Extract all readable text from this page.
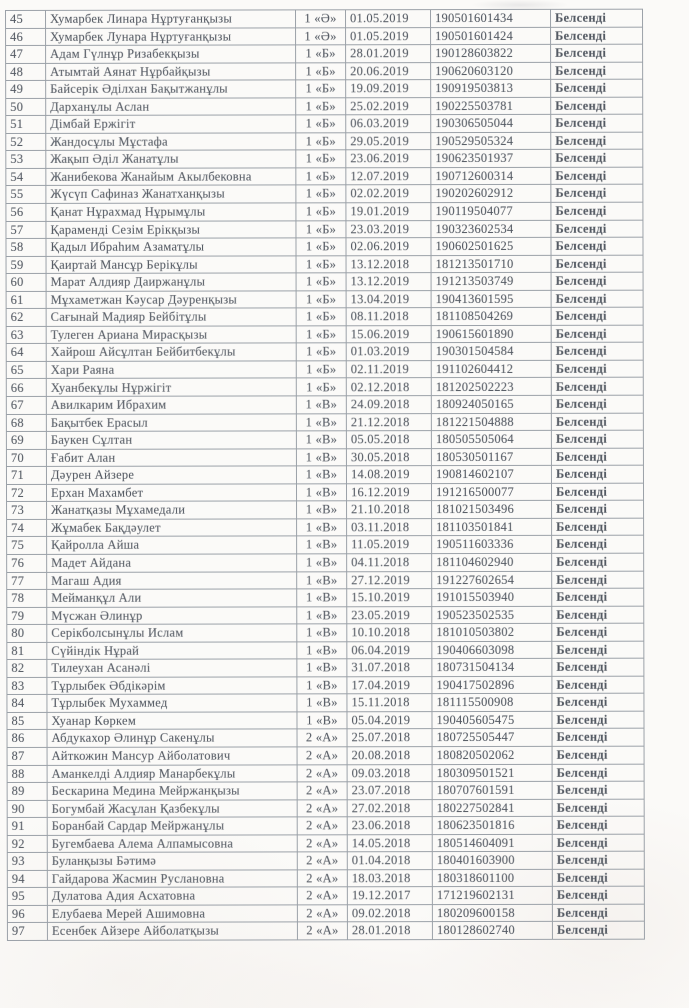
45	Хумарбек Линара Нұртуғанқызы	1 «Ә»	01.05.2019	190501601434	Белсенді
46	Хумарбек Лунара Нұртуғанқызы	1 «Ә»	01.05.2019	190501601424	Белсенді
47	Адам Гүлнұр Ризабекқызы	1 «Б»	28.01.2019	190128603822	Белсенді
48	Атымтай Аянат Нұрбайқызы	1 «Б»	20.06.2019	190620603120	Белсенді
49	Байсерік Әділхан Бақытжанұлы	1 «Б»	19.09.2019	190919503813	Белсенді
50	Дарханұлы Аслан	1 «Б»	25.02.2019	190225503781	Белсенді
51	Дімбай Ержігіт	1 «Б»	06.03.2019	190306505044	Белсенді
52	Жандосұлы Мұстафа	1 «Б»	29.05.2019	190529505324	Белсенді
53	Жақып Әділ Жанатұлы	1 «Б»	23.06.2019	190623501937	Белсенді
54	Жанибекова Жанайым Акылбековна	1 «Б»	12.07.2019	190712600314	Белсенді
55	Жүсүп Сафиназ Жанатханқызы	1 «Б»	02.02.2019	190202602912	Белсенді
56	Қанат Нұрахмад Нұрымұлы	1 «Б»	19.01.2019	190119504077	Белсенді
57	Қараменді Сезім Ерікқызы	1 «Б»	23.03.2019	190323602534	Белсенді
58	Қадыл Ибраһим Азаматұлы	1 «Б»	02.06.2019	190602501625	Белсенді
59	Қаиртай Мансұр Берікұлы	1 «Б»	13.12.2018	181213501710	Белсенді
60	Марат Алдияр Даиржанұлы	1 «Б»	13.12.2019	191213503749	Белсенді
61	Мұхаметжан Кәусар Дәуренқызы	1 «Б»	13.04.2019	190413601595	Белсенді
62	Сағынай Мадияр Бейбітұлы	1 «Б»	08.11.2018	181108504269	Белсенді
63	Тулеген Ариана Мирасқызы	1 «Б»	15.06.2019	190615601890	Белсенді
64	Хайрош Айсұлтан Бейбитбекұлы	1 «Б»	01.03.2019	190301504584	Белсенді
65	Хари Раяна	1 «Б»	02.11.2019	191102604412	Белсенді
66	Хуанбекұлы Нұржігіт	1 «Б»	02.12.2018	181202502223	Белсенді
67	Авилкарим Ибрахим	1 «В»	24.09.2018	180924050165	Белсенді
68	Бақытбек Ерасыл	1 «В»	21.12.2018	181221504888	Белсенді
69	Баукен Сұлтан	1 «В»	05.05.2018	180505505064	Белсенді
70	Ғабит Алан	1 «В»	30.05.2018	180530501167	Белсенді
71	Дәурен Айзере	1 «В»	14.08.2019	190814602107	Белсенді
72	Ерхан Махамбет	1 «В»	16.12.2019	191216500077	Белсенді
73	Жанатқазы Мұхамедали	1 «В»	21.10.2018	181021503496	Белсенді
74	Жұмабек Бақдәулет	1 «В»	03.11.2018	181103501841	Белсенді
75	Қайролла Айша	1 «В»	11.05.2019	190511603336	Белсенді
76	Мадет Айдана	1 «В»	04.11.2018	181104602940	Белсенді
77	Магаш Адия	1 «В»	27.12.2019	191227602654	Белсенді
78	Мейманқұл Али	1 «В»	15.10.2019	191015503940	Белсенді
79	Мүсжан Әлинұр	1 «В»	23.05.2019	190523502535	Белсенді
80	Серікболсынұлы Ислам	1 «В»	10.10.2018	181010503802	Белсенді
81	Сүйіндік Нұрай	1 «В»	06.04.2019	190406603098	Белсенді
82	Тилеухан Асанәлі	1 «В»	31.07.2018	180731504134	Белсенді
83	Тұрлыбек Әбдікәрім	1 «В»	17.04.2019	190417502896	Белсенді
84	Тұрлыбек Мухаммед	1 «В»	15.11.2018	181115500908	Белсенді
85	Хуанар Көркем	1 «В»	05.04.2019	190405605475	Белсенді
86	Абдукахор Әлинұр Сакенұлы	2 «А»	25.07.2018	180725505447	Белсенді
87	Айткожин Мансур Айболатович	2 «А»	20.08.2018	180820502062	Белсенді
88	Аманкелді Алдияр Манарбекұлы	2 «А»	09.03.2018	180309501521	Белсенді
89	Бескарина Медина Мейржанқызы	2 «А»	23.07.2018	180707601591	Белсенді
90	Богумбай Жасұлан Қазбекұлы	2 «А»	27.02.2018	180227502841	Белсенді
91	Боранбай Сардар Мейржанұлы	2 «А»	23.06.2018	180623501816	Белсенді
92	Бугембаева Алема Алпамысовна	2 «А»	14.05.2018	180514604091	Белсенді
93	Буланқызы Бәтимә	2 «А»	01.04.2018	180401603900	Белсенді
94	Гайдарова Жасмин Руслановна	2 «А»	18.03.2018	180318601100	Белсенді
95	Дулатова Адия Асхатовна	2 «А»	19.12.2017	171219602131	Белсенді
96	Елубаева Мерей Ашимовна	2 «А»	09.02.2018	180209600158	Белсенді
97	Есенбек Айзере Айболатқызы	2 «А»	28.01.2018	180128602740	Белсенді
